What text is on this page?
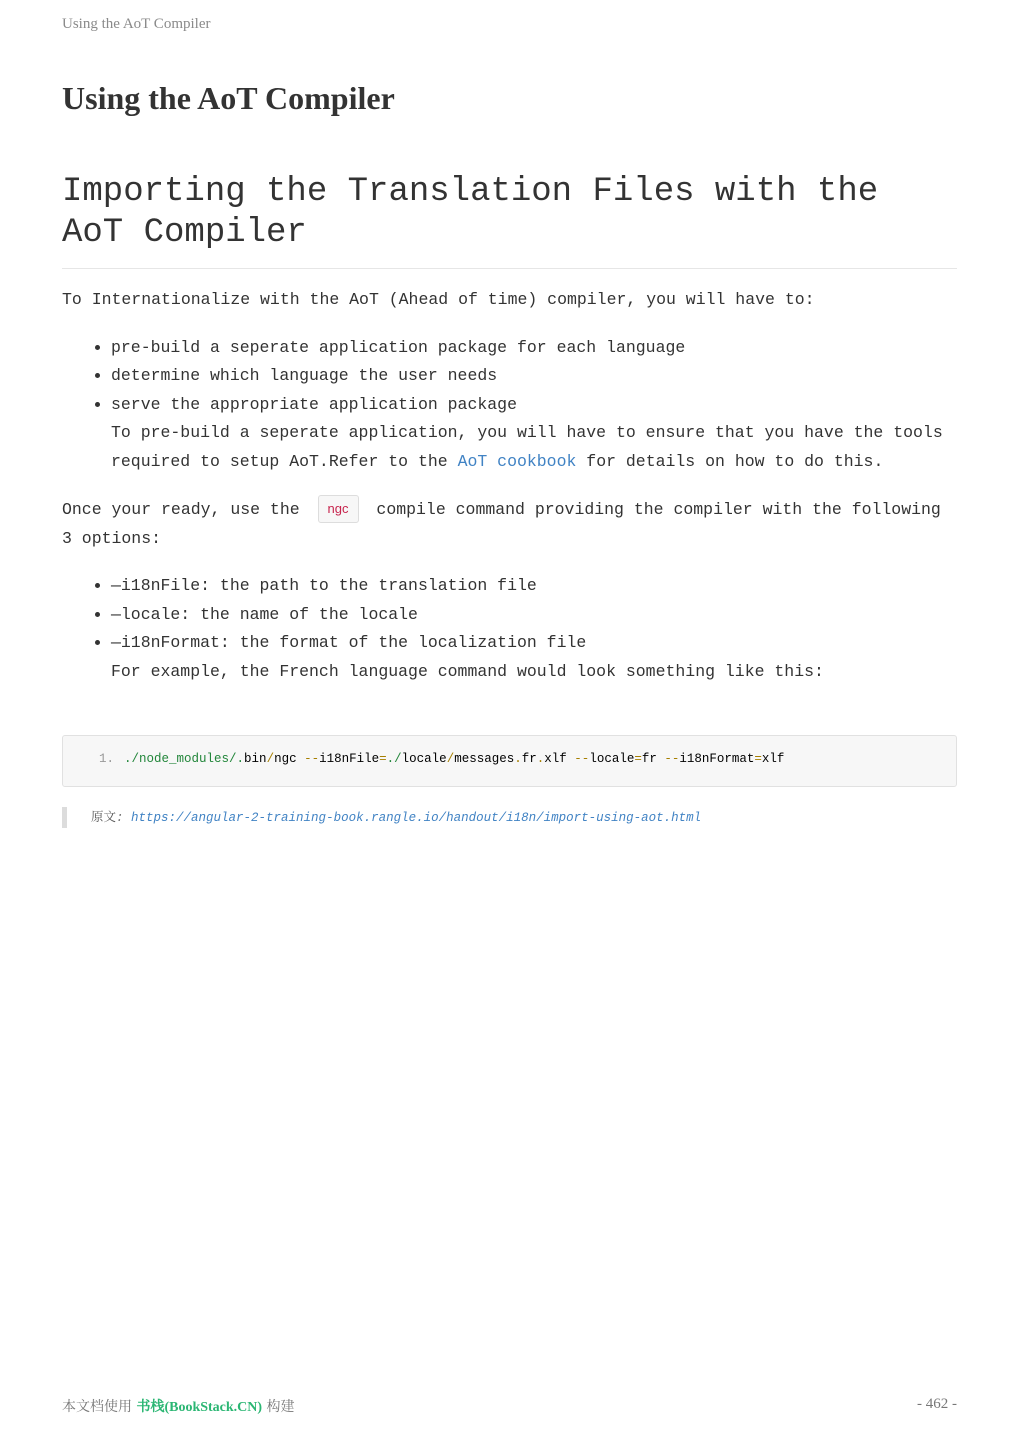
Using the AoT Compiler
Using the AoT Compiler
Importing the Translation Files with the AoT Compiler

To Internationalize with the AoT (Ahead of time) compiler, you will have to:

• pre-build a seperate application package for each language
• determine which language the user needs
• serve the appropriate application package
To pre-build a seperate application, you will have to ensure that you have the tools required to setup AoT.Refer to the AoT cookbook for details on how to do this.

Once your ready, use the ngc compile command providing the compiler with the following 3 options:

• —i18nFile: the path to the translation file
• —locale: the name of the locale
• —i18nFormat: the format of the localization file
For example, the French language command would look something like this:
1. ./node_modules/.bin/ngc --i18nFile=./locale/messages.fr.xlf --locale=fr --i18nFormat=xlf
原文: https://angular-2-training-book.rangle.io/handout/i18n/import-using-aot.html
本文档使用 书栈(BookStack.CN) 构建	- 462 -
